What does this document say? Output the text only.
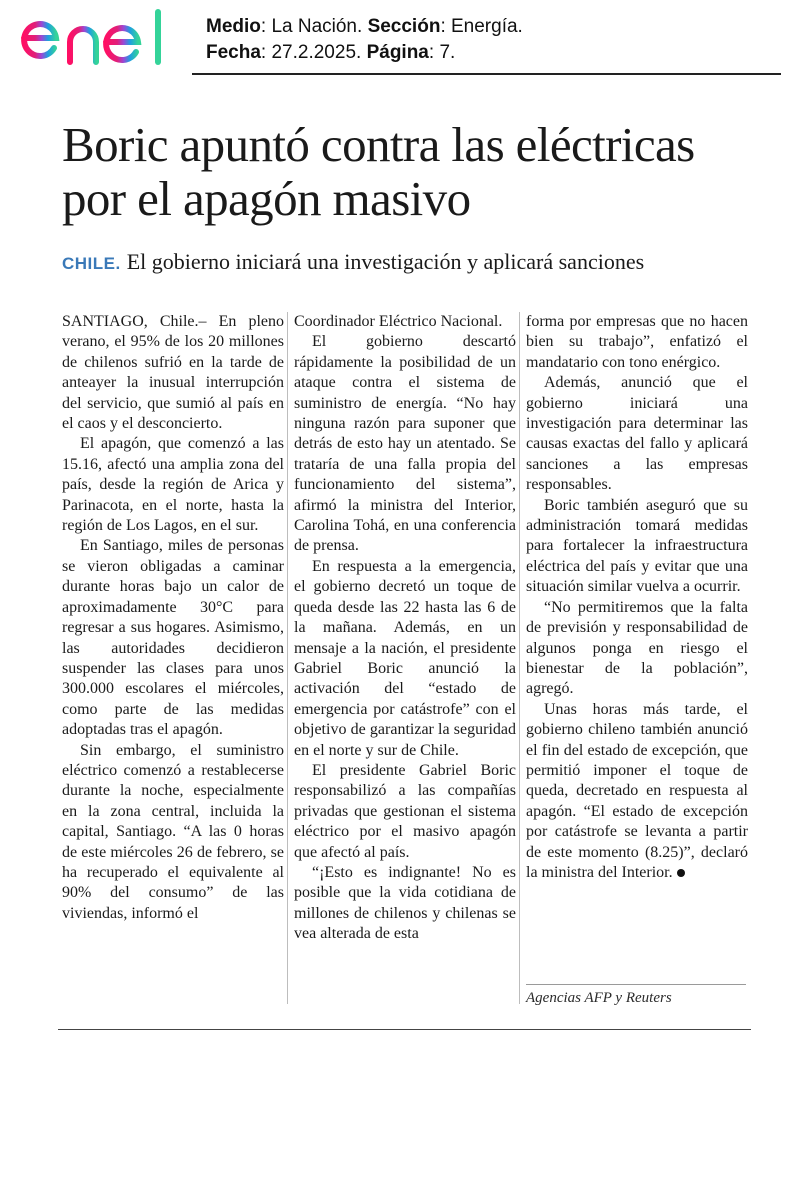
Medio: La Nación. Sección: Energía.
Fecha: 27.2.2025. Página: 7.
Boric apuntó contra las eléctricas por el apagón masivo
CHILE. El gobierno iniciará una investigación y aplicará sanciones

SANTIAGO, Chile.– En pleno verano, el 95% de los 20 millones de chilenos sufrió en la tarde de anteayer la inusual interrupción del servicio, que sumió al país en el caos y el desconcierto.

El apagón, que comenzó a las 15.16, afectó una amplia zona del país, desde la región de Arica y Parinacota, en el norte, hasta la región de Los Lagos, en el sur.

En Santiago, miles de personas se vieron obligadas a caminar durante horas bajo un calor de aproximadamente 30°C para regresar a sus hogares. Asimismo, las autoridades decidieron suspender las clases para unos 300.000 escolares el miércoles, como parte de las medidas adoptadas tras el apagón.

Sin embargo, el suministro eléctrico comenzó a restablecerse durante la noche, especialmente en la zona central, incluida la capital, Santiago. “A las 0 horas de este miércoles 26 de febrero, se ha recuperado el equivalente al 90% del consumo” de las viviendas, informó el

Coordinador Eléctrico Nacional.

El gobierno descartó rápidamente la posibilidad de un ataque contra el sistema de suministro de energía. “No hay ninguna razón para suponer que detrás de esto hay un atentado. Se trataría de una falla propia del funcionamiento del sistema”, afirmó la ministra del Interior, Carolina Tohá, en una conferencia de prensa.

En respuesta a la emergencia, el gobierno decretó un toque de queda desde las 22 hasta las 6 de la mañana. Además, en un mensaje a la nación, el presidente Gabriel Boric anunció la activación del “estado de emergencia por catástrofe” con el objetivo de garantizar la seguridad en el norte y sur de Chile.

El presidente Gabriel Boric responsabilizó a las compañías privadas que gestionan el sistema eléctrico por el masivo apagón que afectó al país.

“¡Esto es indignante! No es posible que la vida cotidiana de millones de chilenos y chilenas se vea alterada de esta

forma por empresas que no hacen bien su trabajo”, enfatizó el mandatario con tono enérgico.

Además, anunció que el gobierno iniciará una investigación para determinar las causas exactas del fallo y aplicará sanciones a las empresas responsables.

Boric también aseguró que su administración tomará medidas para fortalecer la infraestructura eléctrica del país y evitar que una situación similar vuelva a ocurrir.

“No permitiremos que la falta de previsión y responsabilidad de algunos ponga en riesgo el bienestar de la población”, agregó.

Unas horas más tarde, el gobierno chileno también anunció el fin del estado de excepción, que permitió imponer el toque de queda, decretado en respuesta al apagón. “El estado de excepción por catástrofe se levanta a partir de este momento (8.25)”, declaró la ministra del Interior.

Agencias AFP y Reuters
